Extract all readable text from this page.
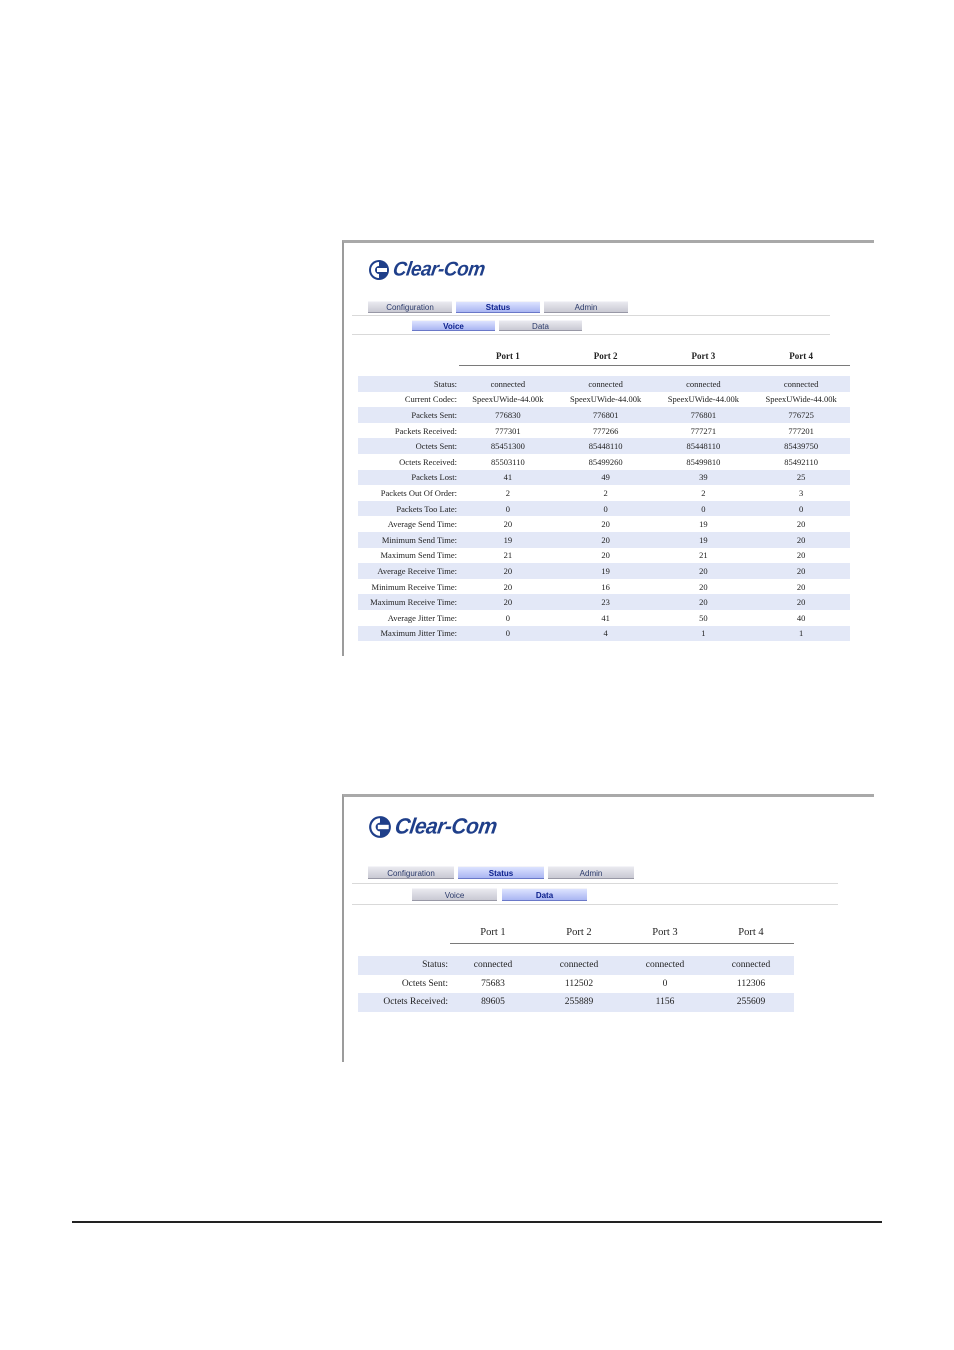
Clear-Com
Configuration	Status	Admin
Voice	Data
	Port 1	Port 2	Port 3	Port 4

Status:	connected	connected	connected	connected
Current Codec:	SpeexUWide-44.00k	SpeexUWide-44.00k	SpeexUWide-44.00k	SpeexUWide-44.00k
Packets Sent:	776830	776801	776801	776725
Packets Received:	777301	777266	777271	777201
Octets Sent:	85451300	85448110	85448110	85439750
Octets Received:	85503110	85499260	85499810	85492110
Packets Lost:	41	49	39	25
Packets Out Of Order:	2	2	2	3
Packets Too Late:	0	0	0	0
Average Send Time:	20	20	19	20
Minimum Send Time:	19	20	19	20
Maximum Send Time:	21	20	21	20
Average Receive Time:	20	19	20	20
Minimum Receive Time:	20	16	20	20
Maximum Receive Time:	20	23	20	20
Average Jitter Time:	0	41	50	40
Maximum Jitter Time:	0	4	1	1
Clear-Com
Configuration	Status	Admin
Voice	Data
	Port 1	Port 2	Port 3	Port 4

Status:	connected	connected	connected	connected
Octets Sent:	75683	112502	0	112306
Octets Received:	89605	255889	1156	255609
